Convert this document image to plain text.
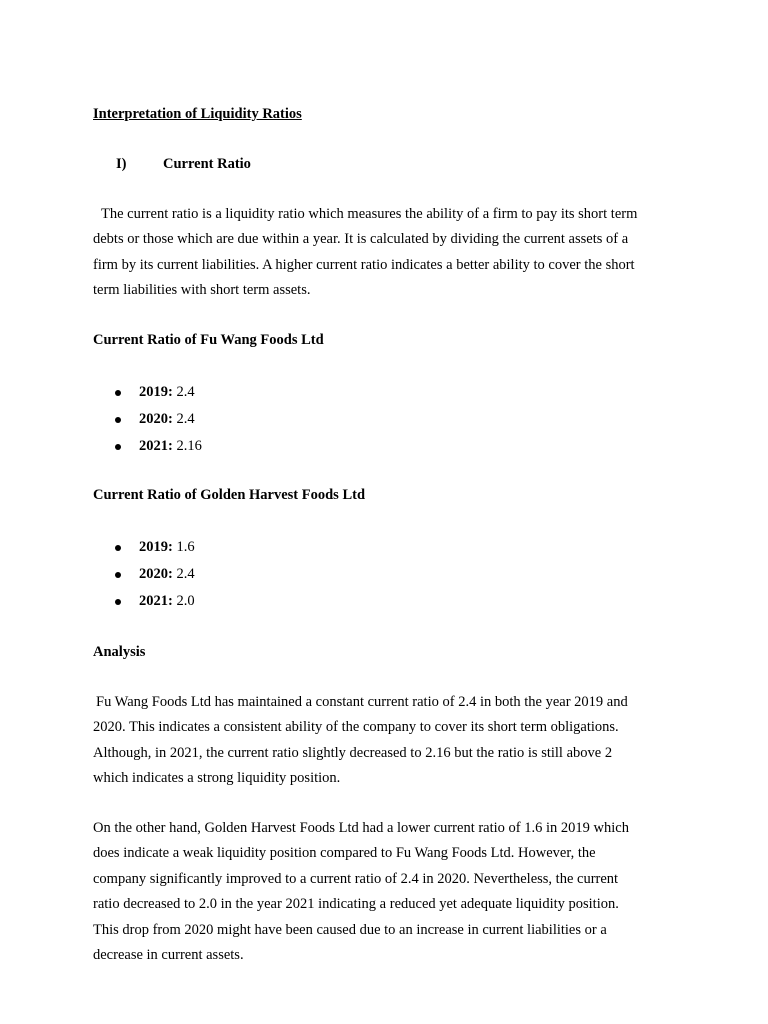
Interpretation of Liquidity Ratios
I)	Current Ratio
The current ratio is a liquidity ratio which measures the ability of a firm to pay its short term
debts or those which are due within a year. It is calculated by dividing the current assets of a
firm by its current liabilities. A higher current ratio indicates a better ability to cover the short
term liabilities with short term assets.
Current Ratio of Fu Wang Foods Ltd
2019: 2.4
2020: 2.4
2021: 2.16
Current Ratio of Golden Harvest Foods Ltd
2019: 1.6
2020: 2.4
2021: 2.0
Analysis
Fu Wang Foods Ltd has maintained a constant current ratio of 2.4 in both the year 2019 and
2020. This indicates a consistent ability of the company to cover its short term obligations.
Although, in 2021, the current ratio slightly decreased to 2.16 but the ratio is still above 2
which indicates a strong liquidity position.
On the other hand, Golden Harvest Foods Ltd had a lower current ratio of 1.6 in 2019 which
does indicate a weak liquidity position compared to Fu Wang Foods Ltd. However, the
company significantly improved to a current ratio of 2.4 in 2020. Nevertheless, the current
ratio decreased to 2.0 in the year 2021 indicating a reduced yet adequate liquidity position.
This drop from 2020 might have been caused due to an increase in current liabilities or a
decrease in current assets.
